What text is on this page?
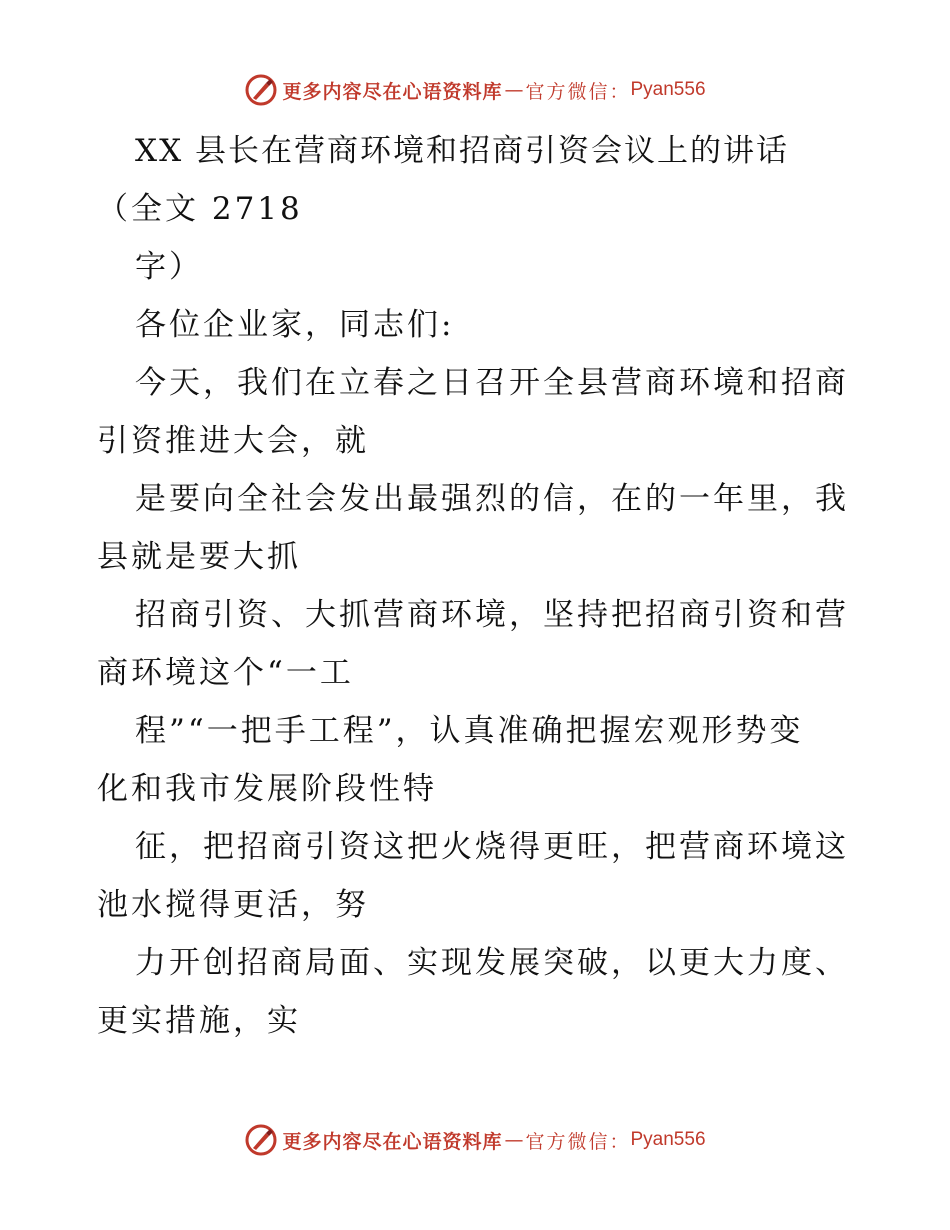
更多内容尽在心语资料库 — 官方微信： Pyan556
XX 县长在营商环境和招商引资会议上的讲话
（全文 2718
字）
各位企业家，同志们:
今天，我们在立春之日召开全县营商环境和招商
引资推进大会，就
是要向全社会发出最强烈的信，在的一年里，我
县就是要大抓
招商引资、大抓营商环境，坚持把招商引资和营
商环境这个“一工
程”“一把手工程”，认真准确把握宏观形势变
化和我市发展阶段性特
征，把招商引资这把火烧得更旺，把营商环境这
池水搅得更活，努
力开创招商局面、实现发展突破，以更大力度、
更实措施，实
更多内容尽在心语资料库 — 官方微信： Pyan556
